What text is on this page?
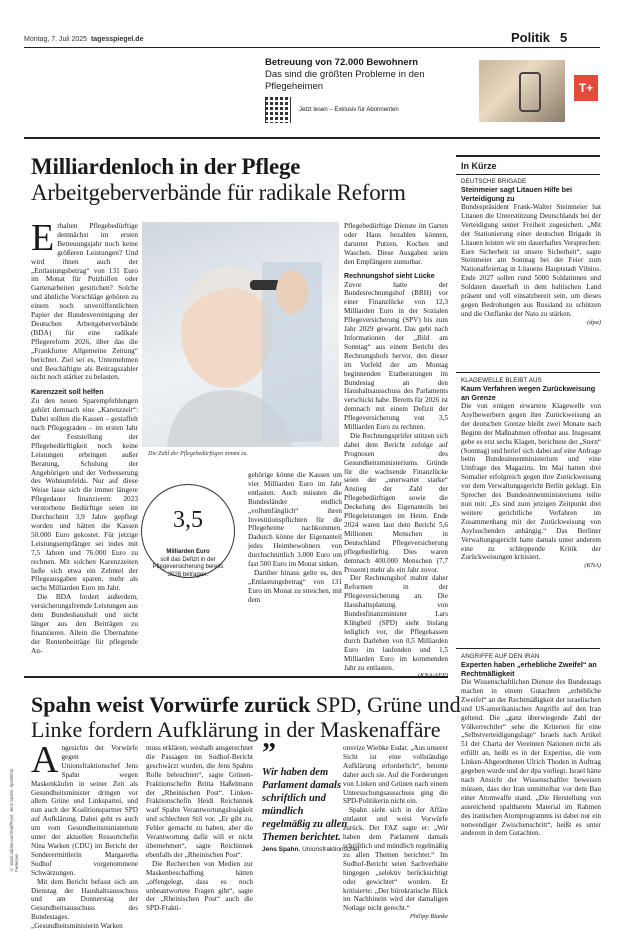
Montag, 7. Juli 2025 tagesspiegel.de	Politik 5
Betreuung von 72.000 Bewohnern
Das sind die größten Probleme in den Pflegeheimen
Jetzt lesen – Exklusiv für Abonnenten
T+
Milliardenloch in der Pflege
Arbeitgeberverbände für radikale Reform
Erhalten Pflegebedürftige demnächst im ersten Betreuungsjahr noch keine größeren Leistungen? Und wird ihnen auch der „Entlastungsbetrag“ von 131 Euro im Monat für Putzhilfen oder Gartenarbeiten gestrichen? Solche und ähnliche Vorschläge gehören zu einem noch unveröffentlichten Papier der Bundesvereinigung der Deutschen Arbeitgeberverbände (BDA) für eine radikale Pflegereform 2026, über das die „Frankfurter Allgemeine Zeitung“ berichtet. Ziel sei es, Unternehmen und Beschäftigte als Beitragszahler nicht noch stärker zu belasten.
Karenzzeit soll helfen
Zu den neuen Sparempfehlungen gehört demnach eine „Karenzzeit“: Dabei sollten die Kassen – gestaffelt nach Pflegegraden – im ersten Jahr der Feststellung der Pflegebedürftigkeit noch keine Leistungen erbringen außer Beratung, Schulung der Angehörigen und der Verbesserung des Wohnumfelds. Nur auf diese Weise lasse sich die immer längere Pflegedauer finanzieren: 2023 verstorbene Bedürftige seien im Durchschnitt 3,9 Jahre gepflegt worden und hätten die Kassen 50.000 Euro gekostet. Für jetzige Leistungsempfänger sei indes mit 7,5 Jahren und 76.000 Euro zu rechnen. Mit solchen Karenzzeiten ließe sich etwa ein Zehntel der Pflegeausgaben sparen, mehr als sechs Milliarden Euro im Jahr.
Die BDA fordert außerdem, versicherungsfremde Leistungen aus dem Bundeshaushalt und nicht länger aus den Beiträgen zu finanzieren. Allein die Übernahme der Rentenbeiträge für pflegende An-
Die Zahl der Pflegebedürftigen nimmt zu.
3,5
Milliarden Euro
soll das Defizit in der Pflegeversicherung bereits 2026 betragen.
gehörige könne die Kassen um vier Milliarden Euro im Jahr entlasten. Auch müssten die Bundesländer endlich „vollumfänglich“ ihren Investitionspflichten für die Pflegeheime nachkommen. Dadurch könne der Eigenanteil jedes Heimbewohners von durchschnittlich 3.000 Euro um fast 500 Euro im Monat sinken.
Darüber hinaus gelte es, den „Entlastungsbetrag“ von 131 Euro im Monat zu streichen, mit dem
Pflegebedürftige Dienste im Garten oder Haus bezahlen können, darunter Putzen, Kochen und Waschen. Diese Ausgaben seien den Empfängern zumutbar.
Rechnungshof sieht Lücke
Zuvor hatte der Bundesrechnungshof (BRH) vor einer Finanzlücke von 12,3 Milliarden Euro in der Sozialen Pflegeversicherung (SPV) bis zum Jahr 2029 gewarnt. Das geht nach Informationen der „Bild am Sonntag“ aus einem Bericht des Rechnungshofs hervor, den dieser im Vorfeld der am Montag beginnenden Etatberatungen im Bundestag an den Haushaltsausschuss des Parlaments verschickt habe. Bereits für 2026 ist demnach mit einem Defizit der Pflegeversicherung von 3,5 Milliarden Euro zu rechnen.
Die Rechnungsprüfer stützen sich dabei dem Bericht zufolge auf Prognosen des Gesundheitsministeriums. Gründe für die wachsende Finanzlücke seien der „unerwartet starke“ Anstieg der Zahl der Pflegebedürftigen sowie die Deckelung des Eigenanteils bei Pflegeleistungen im Heim. Ende 2024 waren laut dem Bericht 5,6 Millionen Menschen in Deutschland Pflegeversicherung pflegebedürftig. Dies waren demnach 400.000 Menschen (7,7 Prozent) mehr als ein Jahr zuvor.
Der Rechnungshof mahnt daher Reformen in der Pflegeversicherung an. Die Haushaltsplanung von Bundesfinanzminister Lars Klingbeil (SPD) sieht bislang lediglich vor, die Pflegekassen durch Darlehen von 0,5 Milliarden Euro im laufenden und 1,5 Milliarden Euro im kommenden Jahr zu entlasten.
In Kürze
DEUTSCHE BRIGADE
Steinmeier sagt Litauen Hilfe bei Verteidigung zu
Bundespräsident Frank-Walter Steinmeier hat Litauen die Unterstützung Deutschlands bei der Verteidigung seiner Freiheit zugesichert. „Mit der Stationierung einer deutschen Brigade in Litauen leisten wir ein dauerhaftes Versprechen: Eure Sicherheit ist unsere Sicherheit“, sagte Steinmeier am Sonntag bei der Feier zum Nationalfeiertag in Litauens Hauptstadt Vilnius. Ende 2027 sollen rund 5000 Soldatinnen und Soldaten dauerhaft in dem baltischen Land präsent und voll einsatzbereit sein, um dieses gegen Bedrohungen aus Russland zu schützen und die Ostflanke der Nato zu stärken.
(dpa)
KLAGEWELLE BLEIBT AUS
Kaum Verfahren wegen Zurückweisung an Grenze
Die von einigen erwartete Klagewelle von Asylbewerbern gegen ihre Zurückweisung an der deutschen Grenze bleibt zwei Monate nach Beginn der Maßnahmen offenbar aus. Insgesamt gebe es erst sechs Klagen, berichtete der „Stern“ (Sonntag) und berief sich dabei auf eine Anfrage beim Bundesinnenministerium und eine Umfrage des Magazins. Im Mai hatten drei Somalier erfolgreich gegen ihre Zurückweisung vor dem Verwaltungsgericht Berlin geklagt. Ein Sprecher des Bundesinnenministeriums teilte nun mit: „Es sind zum jetzigen Zeitpunkt drei weitere gerichtliche Verfahren im Zusammenhang mit der Zurückweisung von Asylsuchenden anhängig.“ Das Berliner Verwaltungsgericht hatte damals unter anderem eine zu schleppende Kritik der Zurückweisungen kritisiert.
(KNA)
ANGRIFFE AUF DEN IRAN
Experten haben „erhebliche Zweifel“ an Rechtmäßigkeit
Die Wissenschaftlichen Dienste des Bundestags machen in einem Gutachten „erhebliche Zweifel“ an der Rechtmäßigkeit der israelischen und US-amerikanischen Angriffe auf den Iran geltend. Die „ganz überwiegende Zahl der Völkerrechtler“ sehe die Kriterien für eine „Selbstverteidigungslage“ Israels nach Artikel 51 der Charta der Vereinten Nationen nicht als erfüllt an, heißt es in der Expertise, die vom Linken-Abgeordneten Ulrich Thoden in Auftrag gegeben wurde und der dpa vorliegt. Israel hätte nach Ansicht der Wissenschaftler beweisen müssen, dass der Iran unmittelbar vor dem Bau einer Atomwaffe stand. „Die Herstellung von ausreichend spaltbarem Material im Rahmen des iranischen Atomprogramms ist dabei nur ein notwendiger Zwischenschritt“, heißt es unter anderem in dem Gutachten.
Spahn weist Vorwürfe zurück SPD, Grüne und
Linke fordern Aufklärung in der Maskenaffäre
Angesichts der Vorwürfe gegen Unionsfraktionschef Jens Spahn wegen Maskenkäufen in seiner Zeit als Gesundheitsminister dringen vor allem Grüne und Linksparteí, und nun auch der Koalitionspartner SPD auf Aufklärung. Dabei geht es auch um vom Gesundheitsministerium unter der aktuellen Ressortchefin Nina Warken (CDU) im Bericht der Sonderermittlerin Margaretha Sudhof vorgenommene Schwärzungen.
Mit dem Bericht befasst sich am Dienstag der Haushaltsausschuss und am Donnerstag der Gesundheitsausschuss des Bundestages. „Gesundheitsministerin Warken
muss erklären, weshalb ausgerechnet die Passagen im Sudhof-Bericht geschwärzt wurden, die Jens Spahns Rolle beleuchten“, sagte Grünen-Fraktionschefin Britta Haßelmann der „Rheinischen Post“. Linken-Fraktionschefin Heidi Reichinnek warf Spahn Verantwortungslosigkeit und schlechten Stil vor. „Er gibt zu, Fehler gemacht zu haben, aber die Verantwortung dafür will er nicht übernehmen“, sagte Reichinnek ebenfalls der „Rheinischen Post“.
Die Recherchen von Medien zur Maskenbeschaffung hätten „offengelegt, dass es noch unbeantwortete Fragen gibt“, sagte der „Rheinischen Post“ auch die SPD-Frakti-
”
Wir haben dem Parlament damals schriftlich und mündlich regelmäßig zu allen Themen berichtet.
Jens Spahn, Unionsfraktionschef
onsvize Wiebke Esdar. „Aus unserer Sicht ist eine vollständige Aufklärung erforderlich“, betonte daher auch sie. Auf die Forderungen von Linken und Grünen nach einem Untersuchungsausschuss ging die SPD-Politikerin nicht ein.
Spahn sieht sich in der Affäre entlastet und weist Vorwürfe zurück. Der FAZ sagte er: „Wir haben dem Parlament damals schriftlich und mündlich regelmäßig zu allen Themen berichtet.“ Im Sudhof-Bericht seien Sachverhalte hingegen „selektiv berücksichtigt oder gewichtet“ worden. Er kritisierte: „Der bürokratische Blick im Nachhinein wird der damaligen Notlage nicht gerecht.“
Philipp Blanke
© stock.adobe.com/HalfPoint, Jens Spahn: dpa/Britta Pedersen
